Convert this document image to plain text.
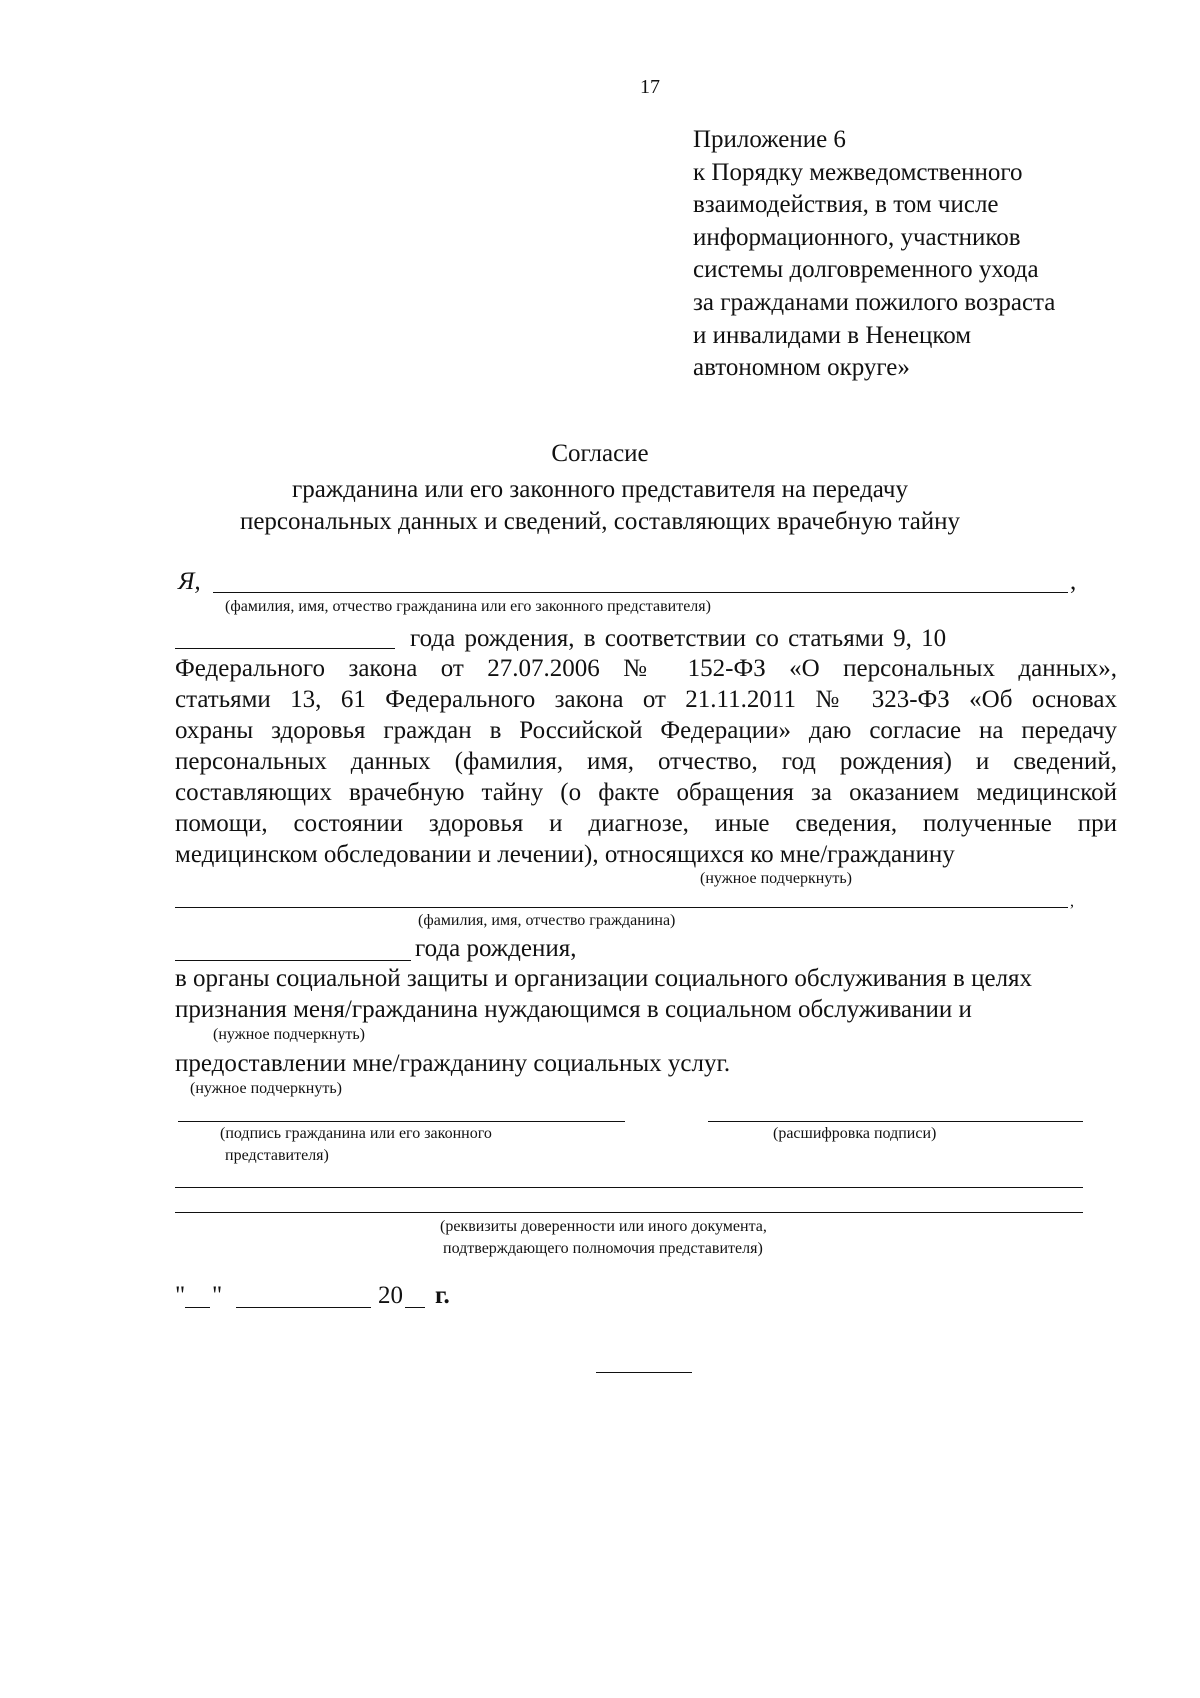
17
Приложение 6
к Порядку межведомственного
взаимодействия, в том числе
информационного, участников
системы долговременного ухода
за гражданами пожилого возраста
и инвалидами в Ненецком
автономном округе»
Согласие
гражданина или его законного представителя на передачу
персональных данных и сведений, составляющих врачебную тайну
Я,	,
(фамилия, имя, отчество гражданина или его законного представителя)
года рождения, в соответствии со статьями 9, 10
Федерального закона от 27.07.2006 № 152-ФЗ «О персональных данных»,
статьями 13, 61 Федерального закона от 21.11.2011 № 323-ФЗ «Об основах
охраны здоровья граждан в Российской Федерации» даю согласие на передачу
персональных данных (фамилия, имя, отчество, год рождения) и сведений,
составляющих врачебную тайну (о факте обращения за оказанием медицинской
помощи, состоянии здоровья и диагнозе, иные сведения, полученные при
медицинском обследовании и лечении), относящихся ко мне/гражданину
(нужное подчеркнуть)
,
(фамилия, имя, отчество гражданина)
года рождения,
в органы социальной защиты и организации социального обслуживания в целях
признания меня/гражданина нуждающимся в социальном обслуживании и
(нужное подчеркнуть)
предоставлении мне/гражданину социальных услуг.
(нужное подчеркнуть)
(подпись гражданина или его законного
представителя)
(расшифровка подписи)
(реквизиты доверенности или иного документа,
подтверждающего полномочия представителя)
" "	20 г.
